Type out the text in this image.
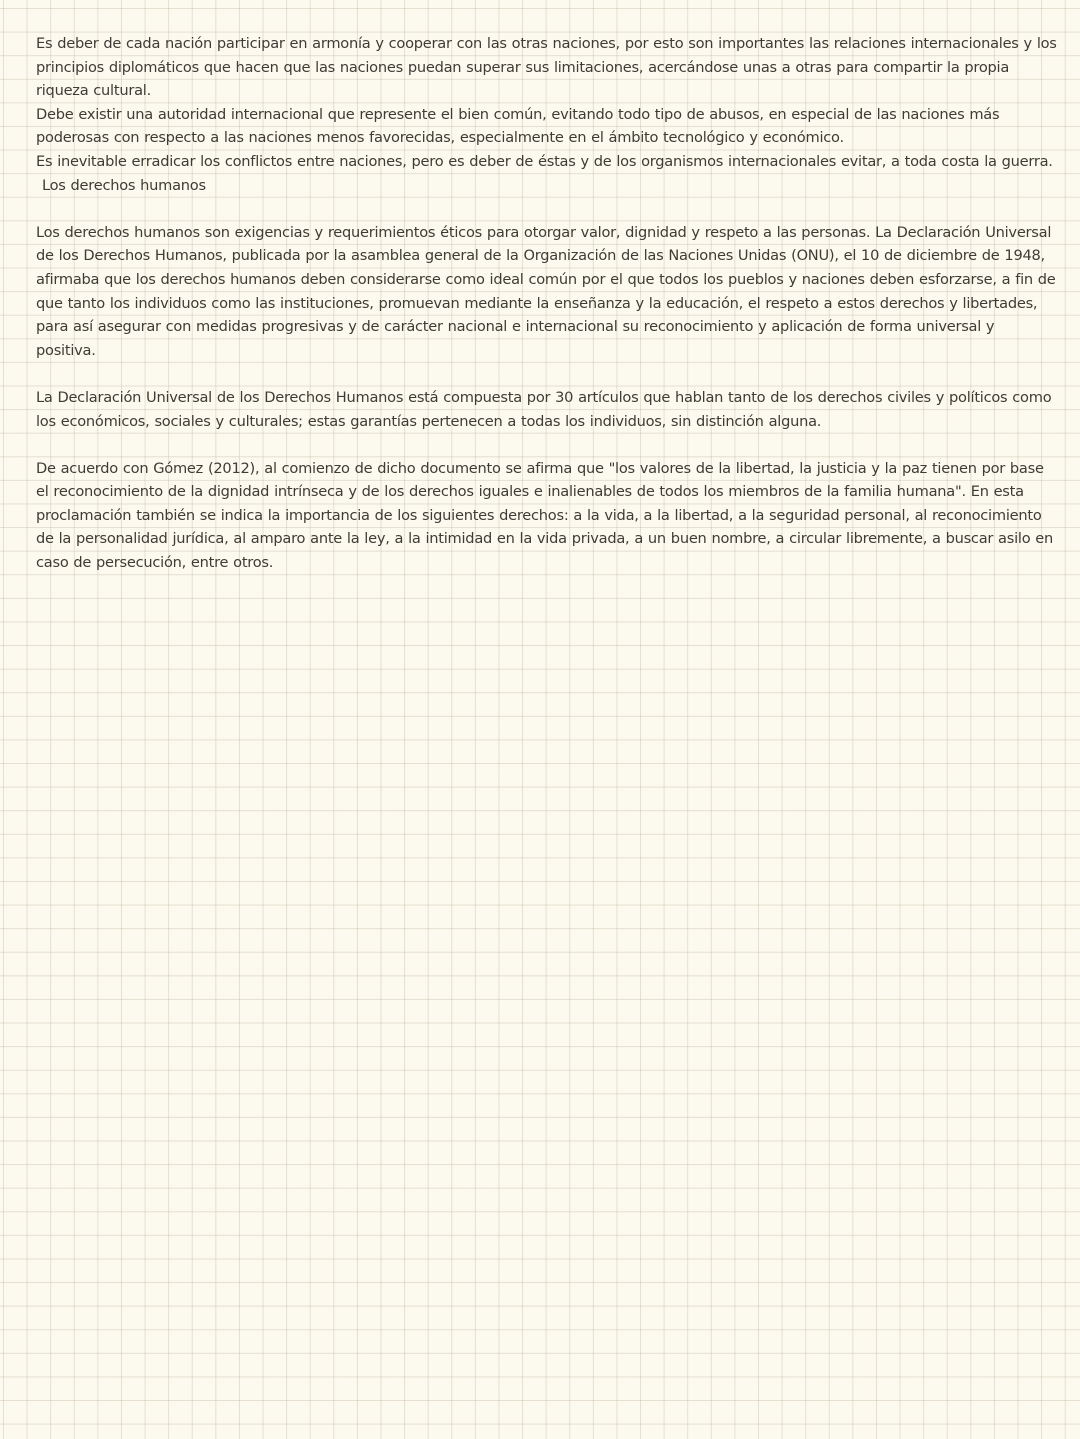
Es deber de cada nación participar en armonía y cooperar con las otras naciones, por esto son importantes las relaciones internacionales y los principios diplomáticos que hacen que las naciones puedan superar sus limitaciones, acercándose unas a otras para compartir la propia riqueza cultural.

Debe existir una autoridad internacional que represente el bien común, evitando todo tipo de abusos, en especial de las naciones más poderosas con respecto a las naciones menos favorecidas, especialmente en el ámbito tecnológico y económico.

Es inevitable erradicar los conflictos entre naciones, pero es deber de éstas y de los organismos internacionales evitar, a toda costa la guerra.

Los derechos humanos

Los derechos humanos son exigencias y requerimientos éticos para otorgar valor, dignidad y respeto a las personas. La Declaración Universal de los Derechos Humanos, publicada por la asamblea general de la Organización de las Naciones Unidas (ONU), el 10 de diciembre de 1948, afirmaba que los derechos humanos deben considerarse como ideal común por el que todos los pueblos y naciones deben esforzarse, a fin de que tanto los individuos como las instituciones, promuevan mediante la enseñanza y la educación, el respeto a estos derechos y libertades, para así asegurar con medidas progresivas y de carácter nacional e internacional su reconocimiento y aplicación de forma universal y positiva.

La Declaración Universal de los Derechos Humanos está compuesta por 30 artículos que hablan tanto de los derechos civiles y políticos como los económicos, sociales y culturales; estas garantías pertenecen a todas los individuos, sin distinción alguna.

De acuerdo con Gómez (2012), al comienzo de dicho documento se afirma que "los valores de la libertad, la justicia y la paz tienen por base el reconocimiento de la dignidad intrínseca y de los derechos iguales e inalienables de todos los miembros de la familia humana". En esta proclamación también se indica la importancia de los siguientes derechos: a la vida, a la libertad, a la seguridad personal, al reconocimiento de la personalidad jurídica, al amparo ante la ley, a la intimidad en la vida privada, a un buen nombre, a circular libremente, a buscar asilo en caso de persecución, entre otros.
